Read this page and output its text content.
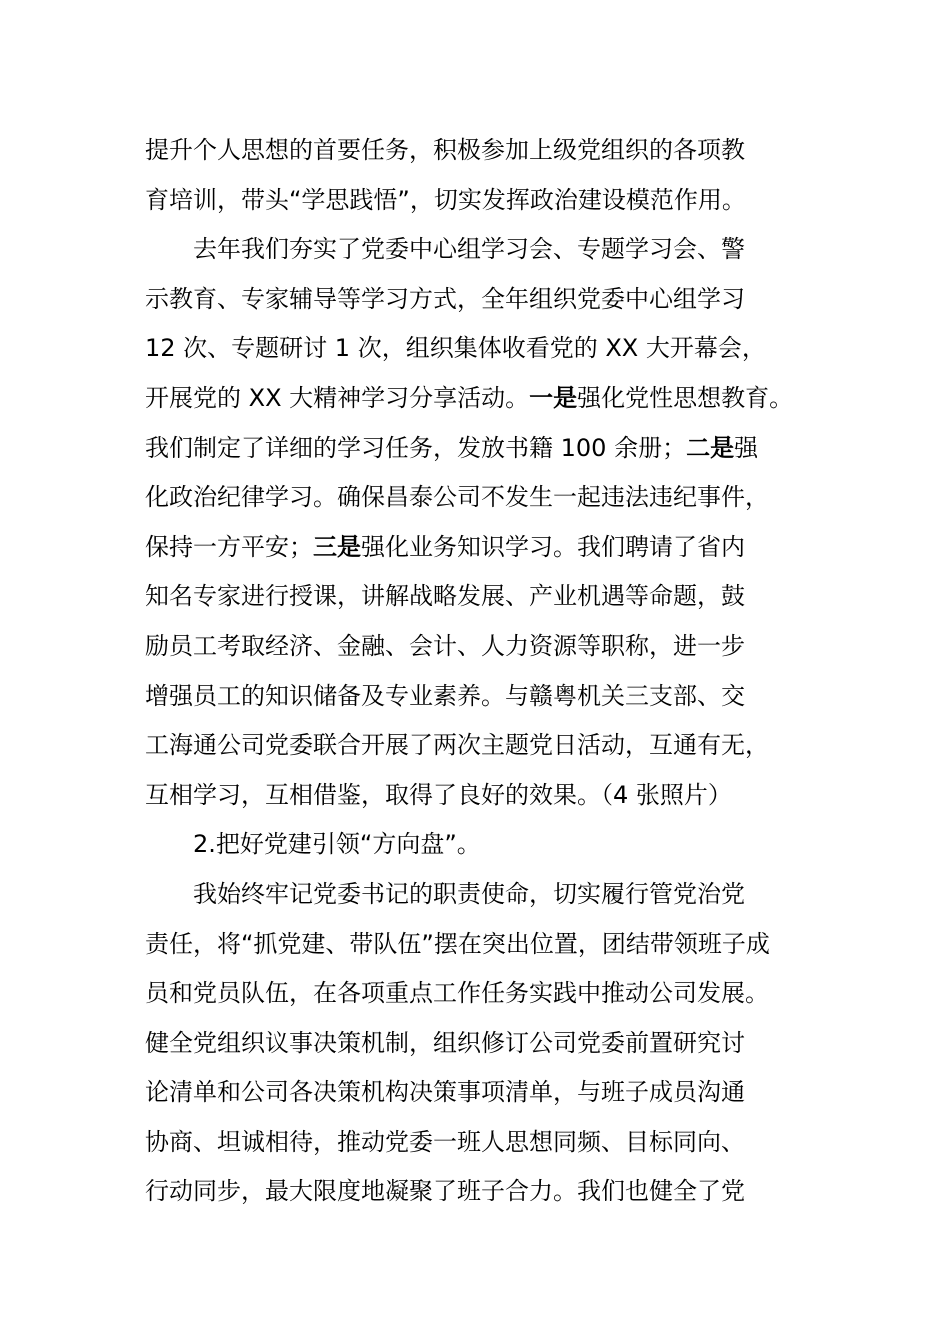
提升个人思想的首要任务，积极参加上级党组织的各项教
育培训，带头“学思践悟”，切实发挥政治建设模范作用。
去年我们夯实了党委中心组学习会、专题学习会、警
示教育、专家辅导等学习方式，全年组织党委中心组学习
12 次、专题研讨 1 次，组织集体收看党的 XX 大开幕会，
开展党的 XX 大精神学习分享活动。一是强化党性思想教育。
我们制定了详细的学习任务，发放书籍 100 余册；二是强
化政治纪律学习。确保昌泰公司不发生一起违法违纪事件，
保持一方平安；三是强化业务知识学习。我们聘请了省内
知名专家进行授课，讲解战略发展、产业机遇等命题，鼓
励员工考取经济、金融、会计、人力资源等职称，进一步
增强员工的知识储备及专业素养。与赣粤机关三支部、交
工海通公司党委联合开展了两次主题党日活动，互通有无，
互相学习，互相借鉴，取得了良好的效果。（4 张照片）
2.把好党建引领“方向盘”。
我始终牢记党委书记的职责使命，切实履行管党治党
责任，将“抓党建、带队伍”摆在突出位置，团结带领班子成
员和党员队伍，在各项重点工作任务实践中推动公司发展。
健全党组织议事决策机制，组织修订公司党委前置研究讨
论清单和公司各决策机构决策事项清单，与班子成员沟通
协商、坦诚相待，推动党委一班人思想同频、目标同向、
行动同步，最大限度地凝聚了班子合力。我们也健全了党
